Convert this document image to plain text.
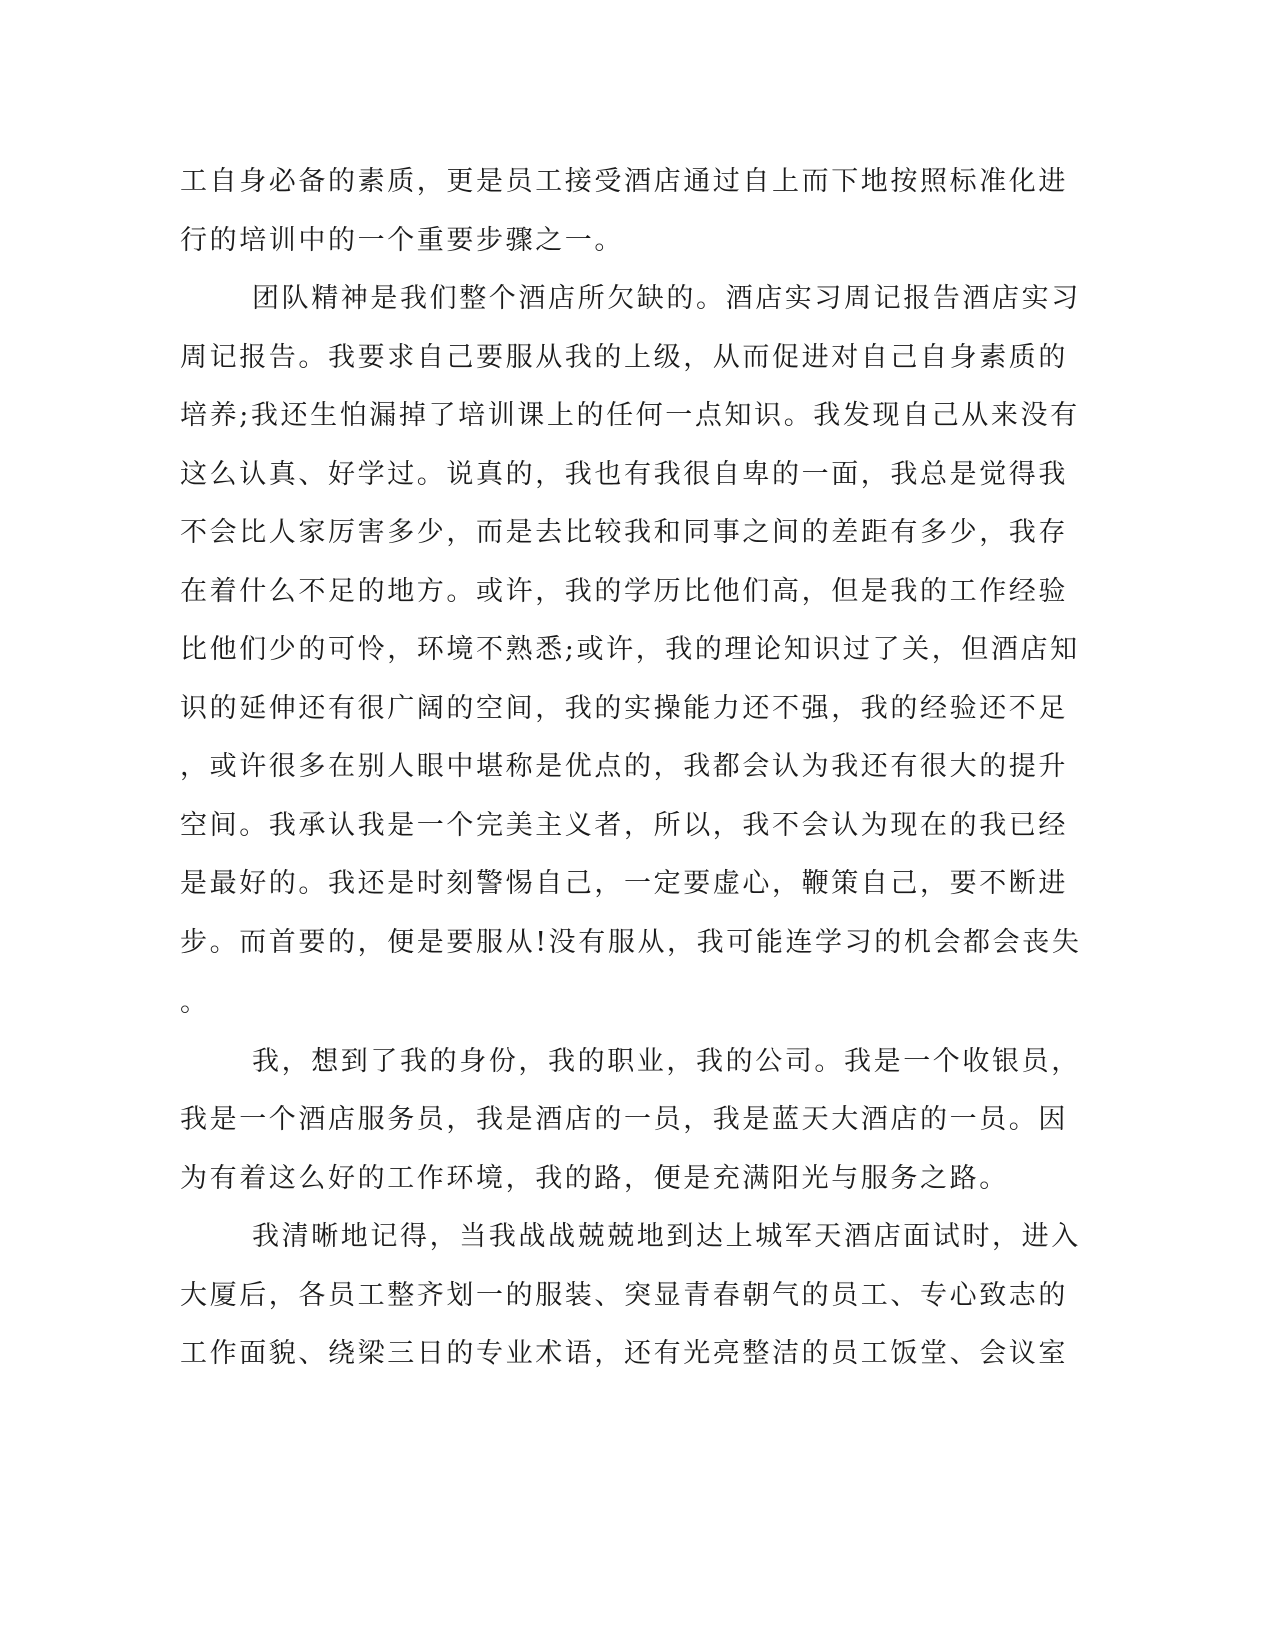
工自身必备的素质，更是员工接受酒店通过自上而下地按照标准化进
行的培训中的一个重要步骤之一。
团队精神是我们整个酒店所欠缺的。酒店实习周记报告酒店实习
周记报告。我要求自己要服从我的上级，从而促进对自己自身素质的
培养;我还生怕漏掉了培训课上的任何一点知识。我发现自己从来没有
这么认真、好学过。说真的，我也有我很自卑的一面，我总是觉得我
不会比人家厉害多少，而是去比较我和同事之间的差距有多少，我存
在着什么不足的地方。或许，我的学历比他们高，但是我的工作经验
比他们少的可怜，环境不熟悉;或许，我的理论知识过了关，但酒店知
识的延伸还有很广阔的空间，我的实操能力还不强，我的经验还不足
，或许很多在别人眼中堪称是优点的，我都会认为我还有很大的提升
空间。我承认我是一个完美主义者，所以，我不会认为现在的我已经
是最好的。我还是时刻警惕自己，一定要虚心，鞭策自己，要不断进
步。而首要的，便是要服从!没有服从，我可能连学习的机会都会丧失
。
我，想到了我的身份，我的职业，我的公司。我是一个收银员，
我是一个酒店服务员，我是酒店的一员，我是蓝天大酒店的一员。因
为有着这么好的工作环境，我的路，便是充满阳光与服务之路。
我清晰地记得，当我战战兢兢地到达上城军天酒店面试时，进入
大厦后，各员工整齐划一的服装、突显青春朝气的员工、专心致志的
工作面貌、绕梁三日的专业术语，还有光亮整洁的员工饭堂、会议室
